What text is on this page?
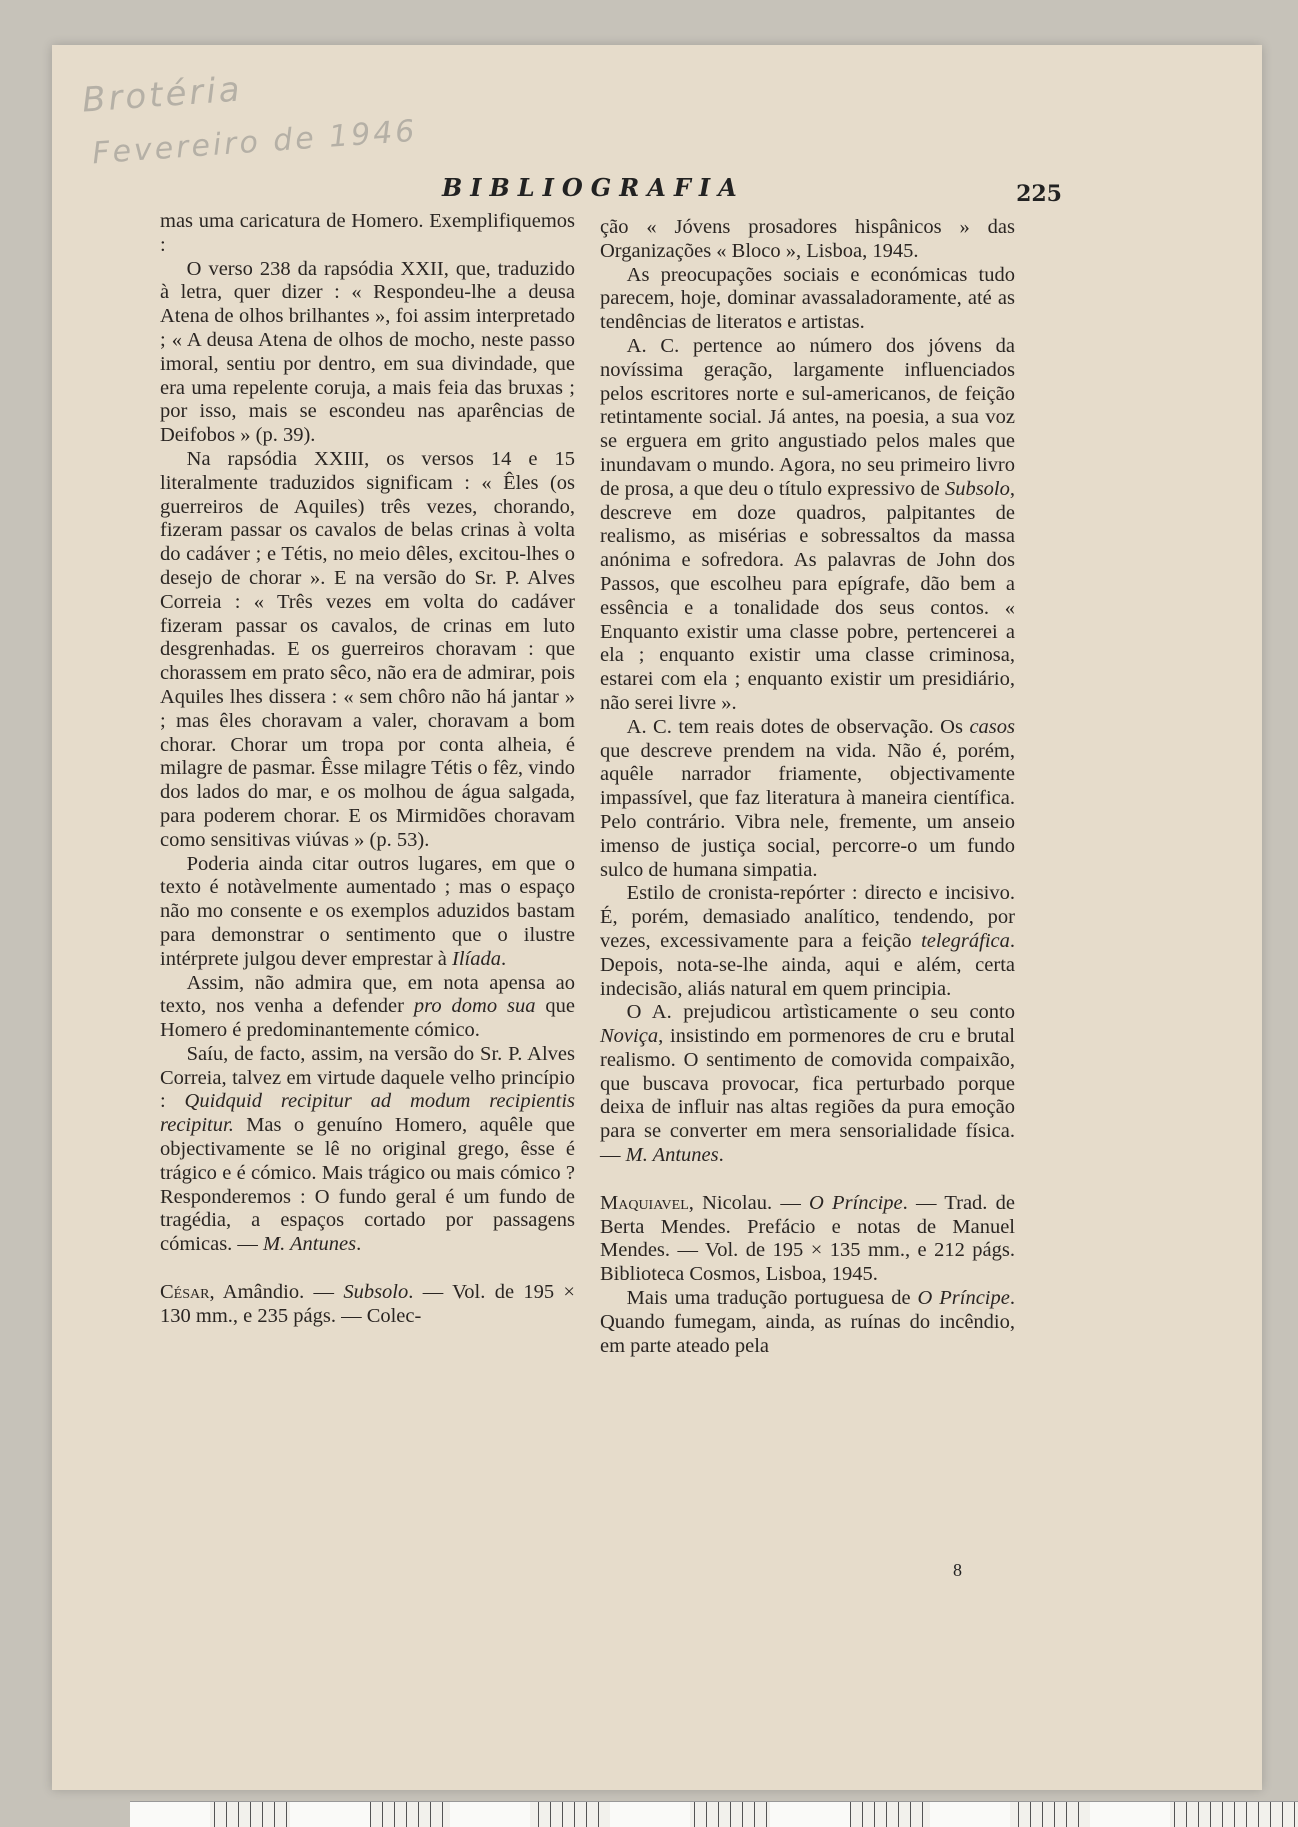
Brotéria
Fevereiro de 1946
BIBLIOGRAFIA	225

mas uma caricatura de Homero. Exemplifiquemos :

O verso 238 da rapsódia XXII, que, traduzido à letra, quer dizer : « Respondeu-lhe a deusa Atena de olhos brilhantes », foi assim interpretado ; « A deusa Atena de olhos de mocho, neste passo imoral, sentiu por dentro, em sua divindade, que era uma repelente coruja, a mais feia das bruxas ; por isso, mais se escondeu nas aparências de Deifobos » (p. 39).

Na rapsódia XXIII, os versos 14 e 15 literalmente traduzidos significam : « Êles (os guerreiros de Aquiles) três vezes, chorando, fizeram passar os cavalos de belas crinas à volta do cadáver ; e Tétis, no meio dêles, excitou-lhes o desejo de chorar ». E na versão do Sr. P. Alves Correia : « Três vezes em volta do cadáver fizeram passar os cavalos, de crinas em luto desgrenhadas. E os guerreiros choravam : que chorassem em prato sêco, não era de admirar, pois Aquiles lhes dissera : « sem chôro não há jantar » ; mas êles choravam a valer, choravam a bom chorar. Chorar um tropa por conta alheia, é milagre de pasmar. Êsse milagre Tétis o fêz, vindo dos lados do mar, e os molhou de água salgada, para poderem chorar. E os Mirmidões choravam como sensitivas viúvas » (p. 53).

Poderia ainda citar outros lugares, em que o texto é notàvelmente aumentado ; mas o espaço não mo consente e os exemplos aduzidos bastam para demonstrar o sentimento que o ilustre intérprete julgou dever emprestar à Ilíada.

Assim, não admira que, em nota apensa ao texto, nos venha a defender pro domo sua que Homero é predominantemente cómico.

Saíu, de facto, assim, na versão do Sr. P. Alves Correia, talvez em virtude daquele velho princípio : Quidquid recipitur ad modum recipientis recipitur. Mas o genuíno Homero, aquêle que objectivamente se lê no original grego, êsse é trágico e é cómico. Mais trágico ou mais cómico ? Responderemos : O fundo geral é um fundo de tragédia, a espaços cortado por passagens cómicas. — M. Antunes.

César, Amândio. — Subsolo. — Vol. de 195 × 130 mm., e 235 págs. — Colec-

ção « Jóvens prosadores hispânicos » das Organizações « Bloco », Lisboa, 1945.

As preocupações sociais e económicas tudo parecem, hoje, dominar avassaladoramente, até as tendências de literatos e artistas.

A. C. pertence ao número dos jóvens da novíssima geração, largamente influenciados pelos escritores norte e sul-americanos, de feição retintamente social. Já antes, na poesia, a sua voz se erguera em grito angustiado pelos males que inundavam o mundo. Agora, no seu primeiro livro de prosa, a que deu o título expressivo de Subsolo, descreve em doze quadros, palpitantes de realismo, as misérias e sobressaltos da massa anónima e sofredora. As palavras de John dos Passos, que escolheu para epígrafe, dão bem a essência e a tonalidade dos seus contos. « Enquanto existir uma classe pobre, pertencerei a ela ; enquanto existir uma classe criminosa, estarei com ela ; enquanto existir um presidiário, não serei livre ».

A. C. tem reais dotes de observação. Os casos que descreve prendem na vida. Não é, porém, aquêle narrador friamente, objectivamente impassível, que faz literatura à maneira científica. Pelo contrário. Vibra nele, fremente, um anseio imenso de justiça social, percorre-o um fundo sulco de humana simpatia.

Estilo de cronista-repórter : directo e incisivo. É, porém, demasiado analítico, tendendo, por vezes, excessivamente para a feição telegráfica. Depois, nota-se-lhe ainda, aqui e além, certa indecisão, aliás natural em quem principia.

O A. prejudicou artìsticamente o seu conto Noviça, insistindo em pormenores de cru e brutal realismo. O sentimento de comovida compaixão, que buscava provocar, fica perturbado porque deixa de influir nas altas regiões da pura emoção para se converter em mera sensorialidade física. — M. Antunes.

Maquiavel, Nicolau. — O Príncipe. — Trad. de Berta Mendes. Prefácio e notas de Manuel Mendes. — Vol. de 195 × 135 mm., e 212 págs. Biblioteca Cosmos, Lisboa, 1945.

Mais uma tradução portuguesa de O Príncipe. Quando fumegam, ainda, as ruínas do incêndio, em parte ateado pela

8
